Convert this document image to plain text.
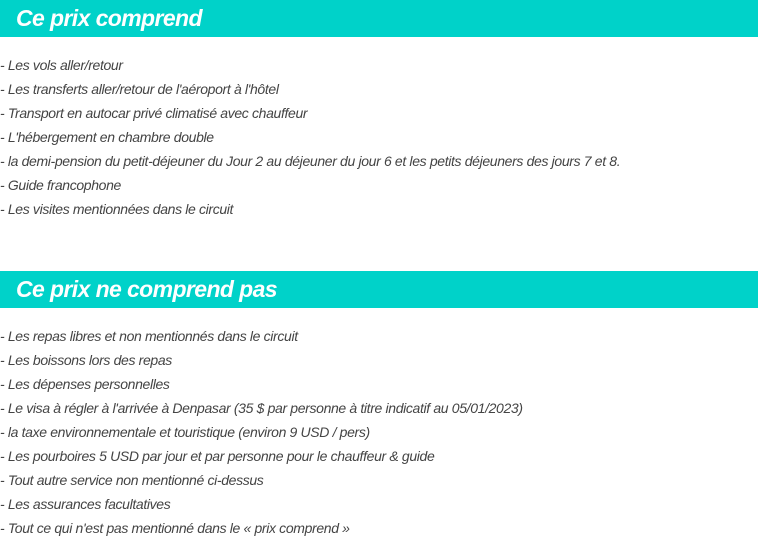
Ce prix comprend
- Les vols aller/retour
- Les transferts aller/retour de l'aéroport à l'hôtel
- Transport en autocar privé climatisé avec chauffeur
- L'hébergement en chambre double
- la demi-pension du petit-déjeuner du Jour 2 au déjeuner du jour 6 et les petits déjeuners des jours 7 et 8.
- Guide francophone
- Les visites mentionnées dans le circuit
Ce prix ne comprend pas
- Les repas libres et non mentionnés dans le circuit
- Les boissons lors des repas
- Les dépenses personnelles
- Le visa à régler à l'arrivée à Denpasar (35 $ par personne à titre indicatif au 05/01/2023)
- la taxe environnementale et touristique (environ 9 USD / pers)
- Les pourboires 5 USD par jour et par personne pour le chauffeur & guide
- Tout autre service non mentionné ci-dessus
- Les assurances facultatives
- Tout ce qui n'est pas mentionné dans le « prix comprend »
